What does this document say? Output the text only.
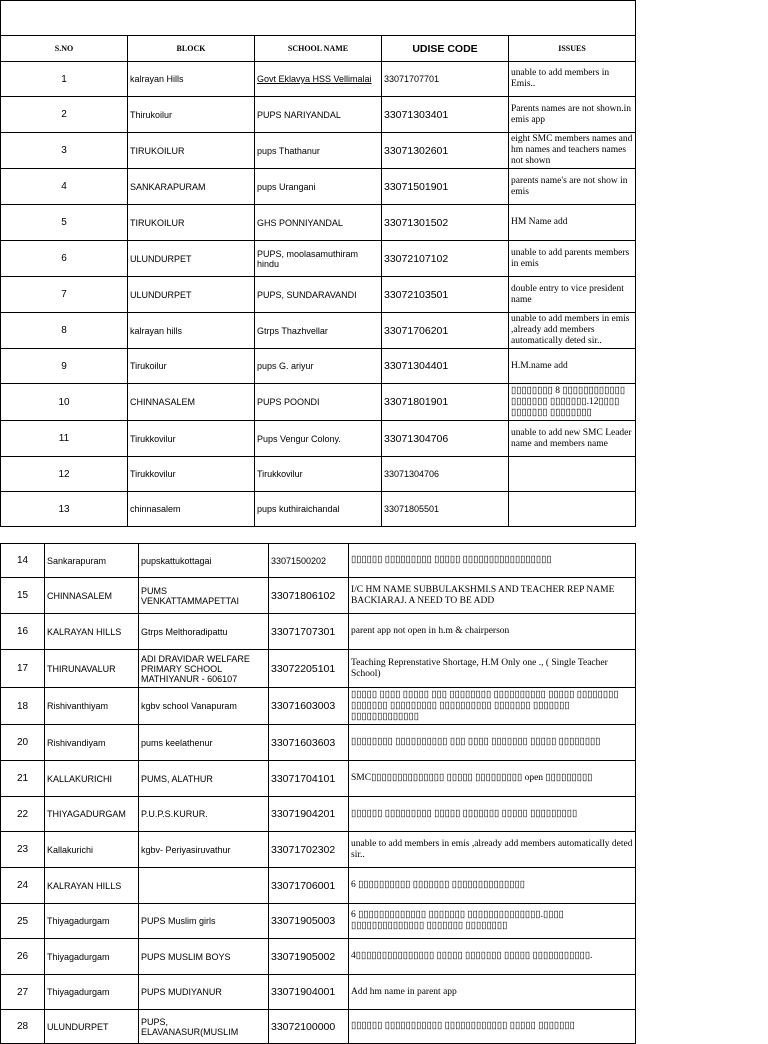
S.NO	BLOCK	SCHOOL NAME	UDISE CODE	ISSUES
1	kalrayan Hills	Govt Eklavya HSS Vellimalai	33071707701	unable to add members in Emis..
2	Thirukoilur	PUPS NARIYANDAL	33071303401	Parents names are not shown.in emis app
3	TIRUKOILUR	pups Thathanur	33071302601	eight SMC members names and hm names and teachers names not shown
4	SANKARAPURAM	pups Urangani	33071501901	parents name's are not show in emis
5	TIRUKOILUR	GHS PONNIYANDAL	33071301502	HM Name add
6	ULUNDURPET	PUPS, moolasamuthiram hindu	33072107102	unable to add parents members in emis
7	ULUNDURPET	PUPS, SUNDARAVANDI	33072103501	double entry to vice president name
8	kalrayan hills	Gtrps Thazhvellar	33071706201	unable to add members in emis ,already add members automatically deted sir..
9	Tirukoilur	pups G. ariyur	33071304401	H.M.name add
10	CHINNASALEM	PUPS POONDI	33071801901	▯▯▯▯▯▯▯▯ 8 ▯▯▯▯▯▯▯▯▯▯▯▯ ▯▯▯▯▯▯▯ ▯▯▯▯▯▯▯.12▯▯▯▯ ▯▯▯▯▯▯▯ ▯▯▯▯▯▯▯▯
11	Tirukkovilur	Pups Vengur Colony.	33071304706	unable to add new SMC Leader name and members name
12	Tirukkovilur	Tirukkovilur	33071304706	
13	chinnasalem	pups kuthiraichandal	33071805501	
14	Sankarapuram	pupskattukottagai	33071500202	▯▯▯▯▯▯ ▯▯▯▯▯▯▯▯▯ ▯▯▯▯▯ ▯▯▯▯▯▯▯▯▯▯▯▯▯▯▯▯▯
15	CHINNASALEM	PUMS VENKATTAMMAPETTAI	33071806102	I/C HM NAME SUBBULAKSHMI.S AND TEACHER REP NAME BACKIARAJ. A NEED TO BE ADD
16	KALRAYAN HILLS	Gtrps Melthoradipattu	33071707301	parent app not open in h.m & chairperson
17	THIRUNAVALUR	ADI DRAVIDAR WELFARE PRIMARY SCHOOL MATHIYANUR - 606107	33072205101	Teaching Reprenstative Shortage, H.M Only one ., ( Single Teacher School)
18	Rishivanthiyam	kgbv school Vanapuram	33071603003	▯▯▯▯▯ ▯▯▯▯ ▯▯▯▯▯ ▯▯▯ ▯▯▯▯▯▯▯▯ ▯▯▯▯▯▯▯▯▯▯ ▯▯▯▯▯ ▯▯▯▯▯▯▯▯ ▯▯▯▯▯▯▯ ▯▯▯▯▯▯▯▯▯ ▯▯▯▯▯▯▯▯▯▯ ▯▯▯▯▯▯▯ ▯▯▯▯▯▯▯ ▯▯▯▯▯▯▯▯▯▯▯▯▯
20	Rishivandiyam	pums keelathenur	33071603603	▯▯▯▯▯▯▯▯ ▯▯▯▯▯▯▯▯▯▯ ▯▯▯ ▯▯▯▯ ▯▯▯▯▯▯▯ ▯▯▯▯▯ ▯▯▯▯▯▯▯▯
21	KALLAKURICHI	PUMS, ALATHUR	33071704101	SMC▯▯▯▯▯▯▯▯▯▯▯▯▯▯ ▯▯▯▯▯ ▯▯▯▯▯▯▯▯▯ open ▯▯▯▯▯▯▯▯▯
22	THIYAGADURGAM	P.U.P.S.KURUR.	33071904201	▯▯▯▯▯▯ ▯▯▯▯▯▯▯▯▯ ▯▯▯▯▯ ▯▯▯▯▯▯▯ ▯▯▯▯▯ ▯▯▯▯▯▯▯▯▯
23	Kallakurichi	kgbv- Periyasiruvathur	33071702302	unable to add members in emis ,already add members automatically deted sir..
24	KALRAYAN HILLS		33071706001	6 ▯▯▯▯▯▯▯▯▯▯ ▯▯▯▯▯▯▯ ▯▯▯▯▯▯▯▯▯▯▯▯▯▯
25	Thiyagadurgam	PUPS Muslim girls	33071905003	6 ▯▯▯▯▯▯▯▯▯▯▯▯▯ ▯▯▯▯▯▯▯ ▯▯▯▯▯▯▯▯▯▯▯▯▯▯.▯▯▯▯ ▯▯▯▯▯▯▯▯▯▯▯▯▯▯ ▯▯▯▯▯▯▯ ▯▯▯▯▯▯▯▯
26	Thiyagadurgam	PUPS MUSLIM BOYS	33071905002	4▯▯▯▯▯▯▯▯▯▯▯▯▯▯▯ ▯▯▯▯▯ ▯▯▯▯▯▯▯ ▯▯▯▯▯ ▯▯▯▯▯▯▯▯▯▯▯.
27	Thiyagadurgam	PUPS MUDIYANUR	33071904001	Add hm name in parent app
28	ULUNDURPET	PUPS, ELAVANASUR(MUSLIM	33072100000	▯▯▯▯▯▯ ▯▯▯▯▯▯▯▯▯▯▯ ▯▯▯▯▯▯▯▯▯▯▯▯ ▯▯▯▯▯ ▯▯▯▯▯▯▯
